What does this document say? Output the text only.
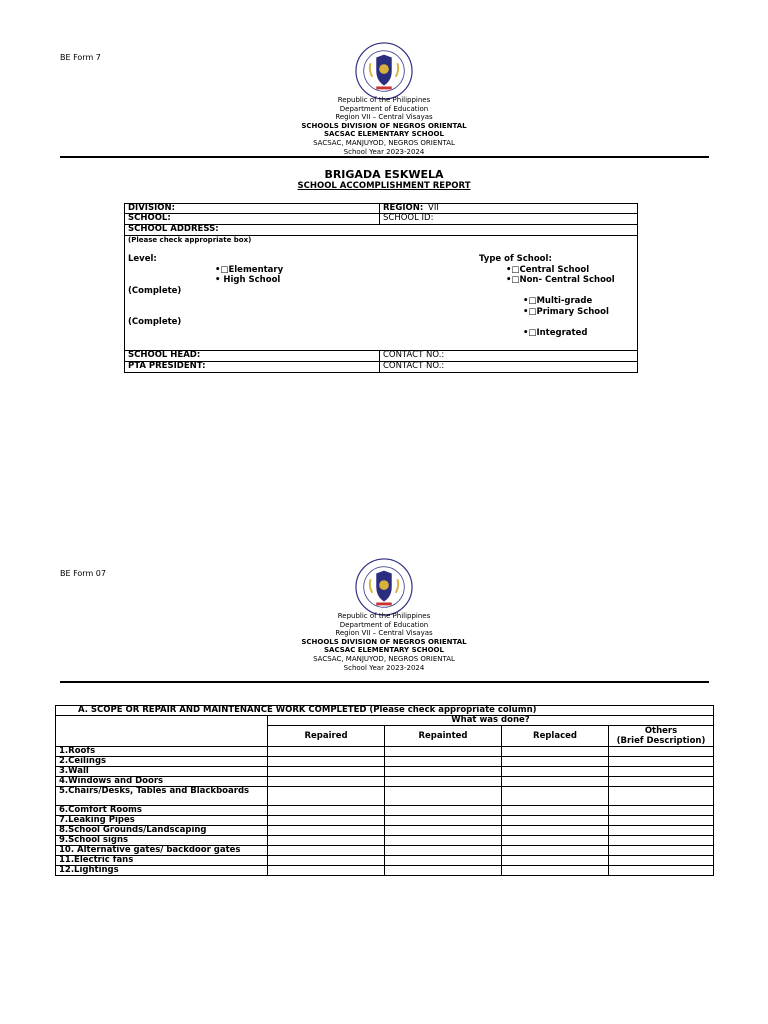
BE Form 7
Republic of the Philippines
Department of Education
Region VII – Central Visayas
SCHOOLS DIVISION OF NEGROS ORIENTAL
SACSAC ELEMENTARY SCHOOL
SACSAC, MANJUYOD, NEGROS ORIENTAL
School Year 2023-2024
BRIGADA ESKWELA
SCHOOL ACCOMPLISHMENT REPORT
DIVISION:	REGION: VII
SCHOOL:	SCHOOL ID:
SCHOOL ADDRESS:
(Please check appropriate box)
Level:
•□Elementary
• High School
(Complete)
(Complete)
Type of School:
•□Central School
•□Non- Central School
•□Multi-grade
•□Primary School
•□Integrated
SCHOOL HEAD:	CONTACT NO.:
PTA PRESIDENT:	CONTACT NO.:
BE Form 07
Republic of the Philippines
Department of Education
Region VII – Central Visayas
SCHOOLS DIVISION OF NEGROS ORIENTAL
SACSAC ELEMENTARY SCHOOL
SACSAC, MANJUYOD, NEGROS ORIENTAL
School Year 2023-2024
A. SCOPE OR REPAIR AND MAINTENANCE WORK COMPLETED (Please check appropriate column)				
	What was done?			
	Repaired	Repainted	Replaced	Others
(Brief Description)
1.Roofs				
2.Ceilings				
3.Wall				
4.Windows and Doors				
5.Chairs/Desks, Tables and Blackboards				
6.Comfort Rooms				
7.Leaking Pipes				
8.School Grounds/Landscaping				
9.School signs				
10. Alternative gates/ backdoor gates				
11.Electric fans				
12.Lightings				
